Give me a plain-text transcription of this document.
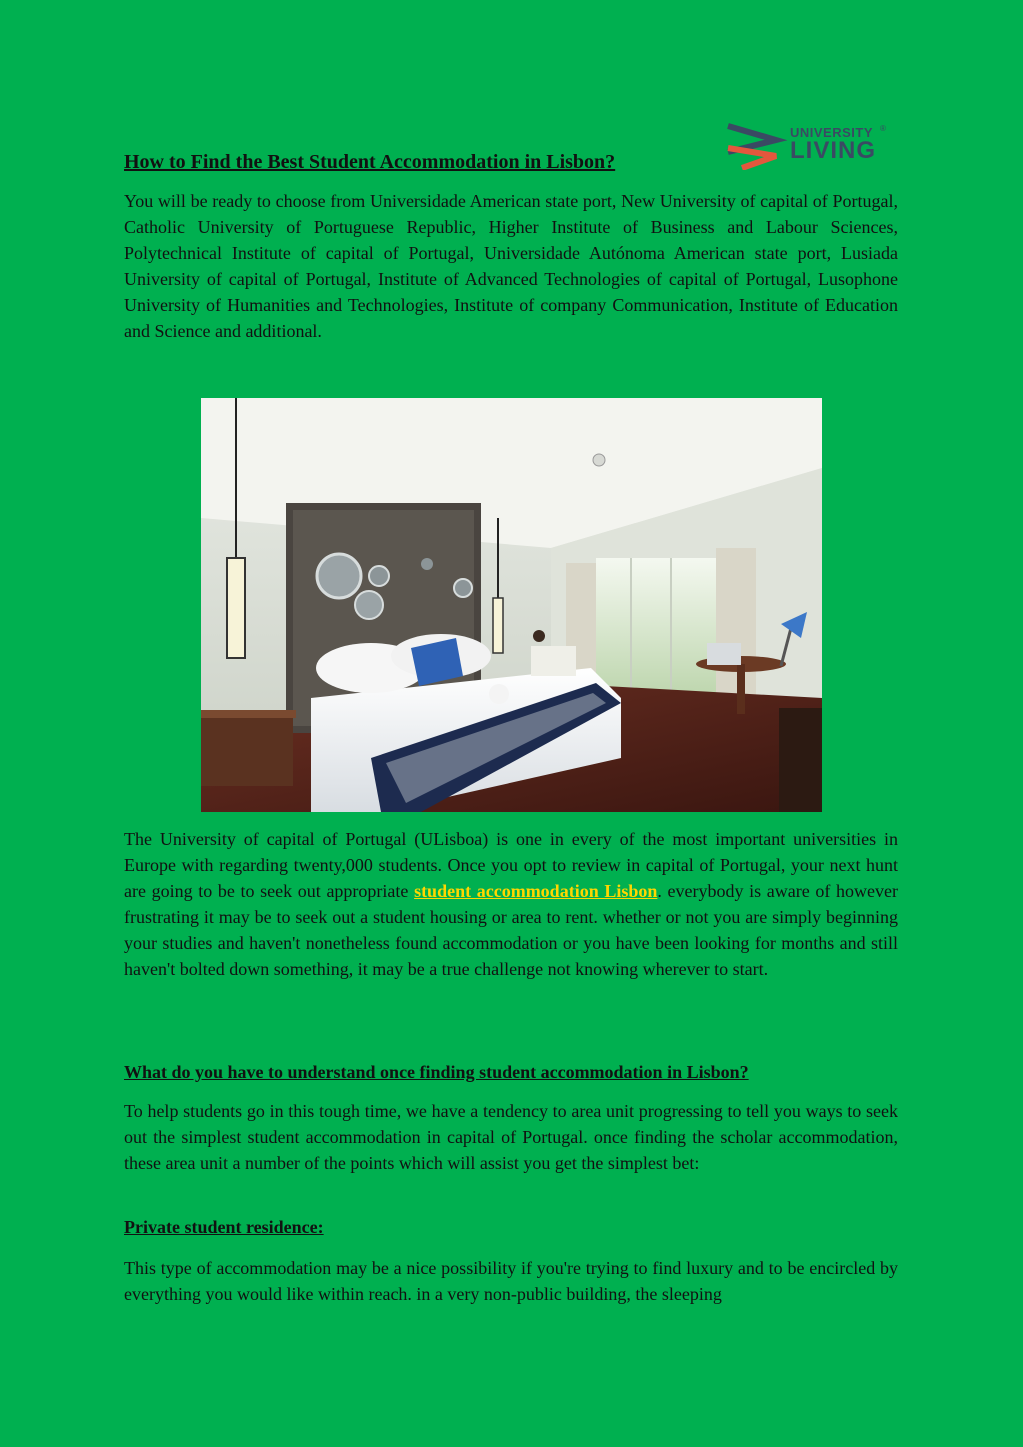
UNIVERSITY ®
LIVING
How to Find the Best Student Accommodation in Lisbon?
You will be ready to choose from Universidade American state port, New University of capital of Portugal, Catholic University of Portuguese Republic, Higher Institute of Business and Labour Sciences, Polytechnical Institute of capital of Portugal, Universidade Autónoma American state port, Lusiada University of capital of Portugal, Institute of Advanced Technologies of capital of Portugal, Lusophone University of Humanities and Technologies, Institute of company Communication, Institute of Education and Science and additional.
The University of capital of Portugal (ULisboa) is one in every of the most important universities in Europe with regarding twenty,000 students. Once you opt to review in capital of Portugal, your next hunt are going to be to seek out appropriate student accommodation Lisbon. everybody is aware of however frustrating it may be to seek out a student housing or area to rent. whether or not you are simply beginning your studies and haven't nonetheless found accommodation or you have been looking for months and still haven't bolted down something, it may be a true challenge not knowing wherever to start.
What do you have to understand once finding student accommodation in Lisbon?
To help students go in this tough time, we have a tendency to area unit progressing to tell you ways to seek out the simplest student accommodation in capital of Portugal. once finding the scholar accommodation, these area unit a number of the points which will assist you get the simplest bet:
Private student residence:
This type of accommodation may be a nice possibility if you're trying to find luxury and to be encircled by everything you would like within reach. in a very non-public building, the sleeping
